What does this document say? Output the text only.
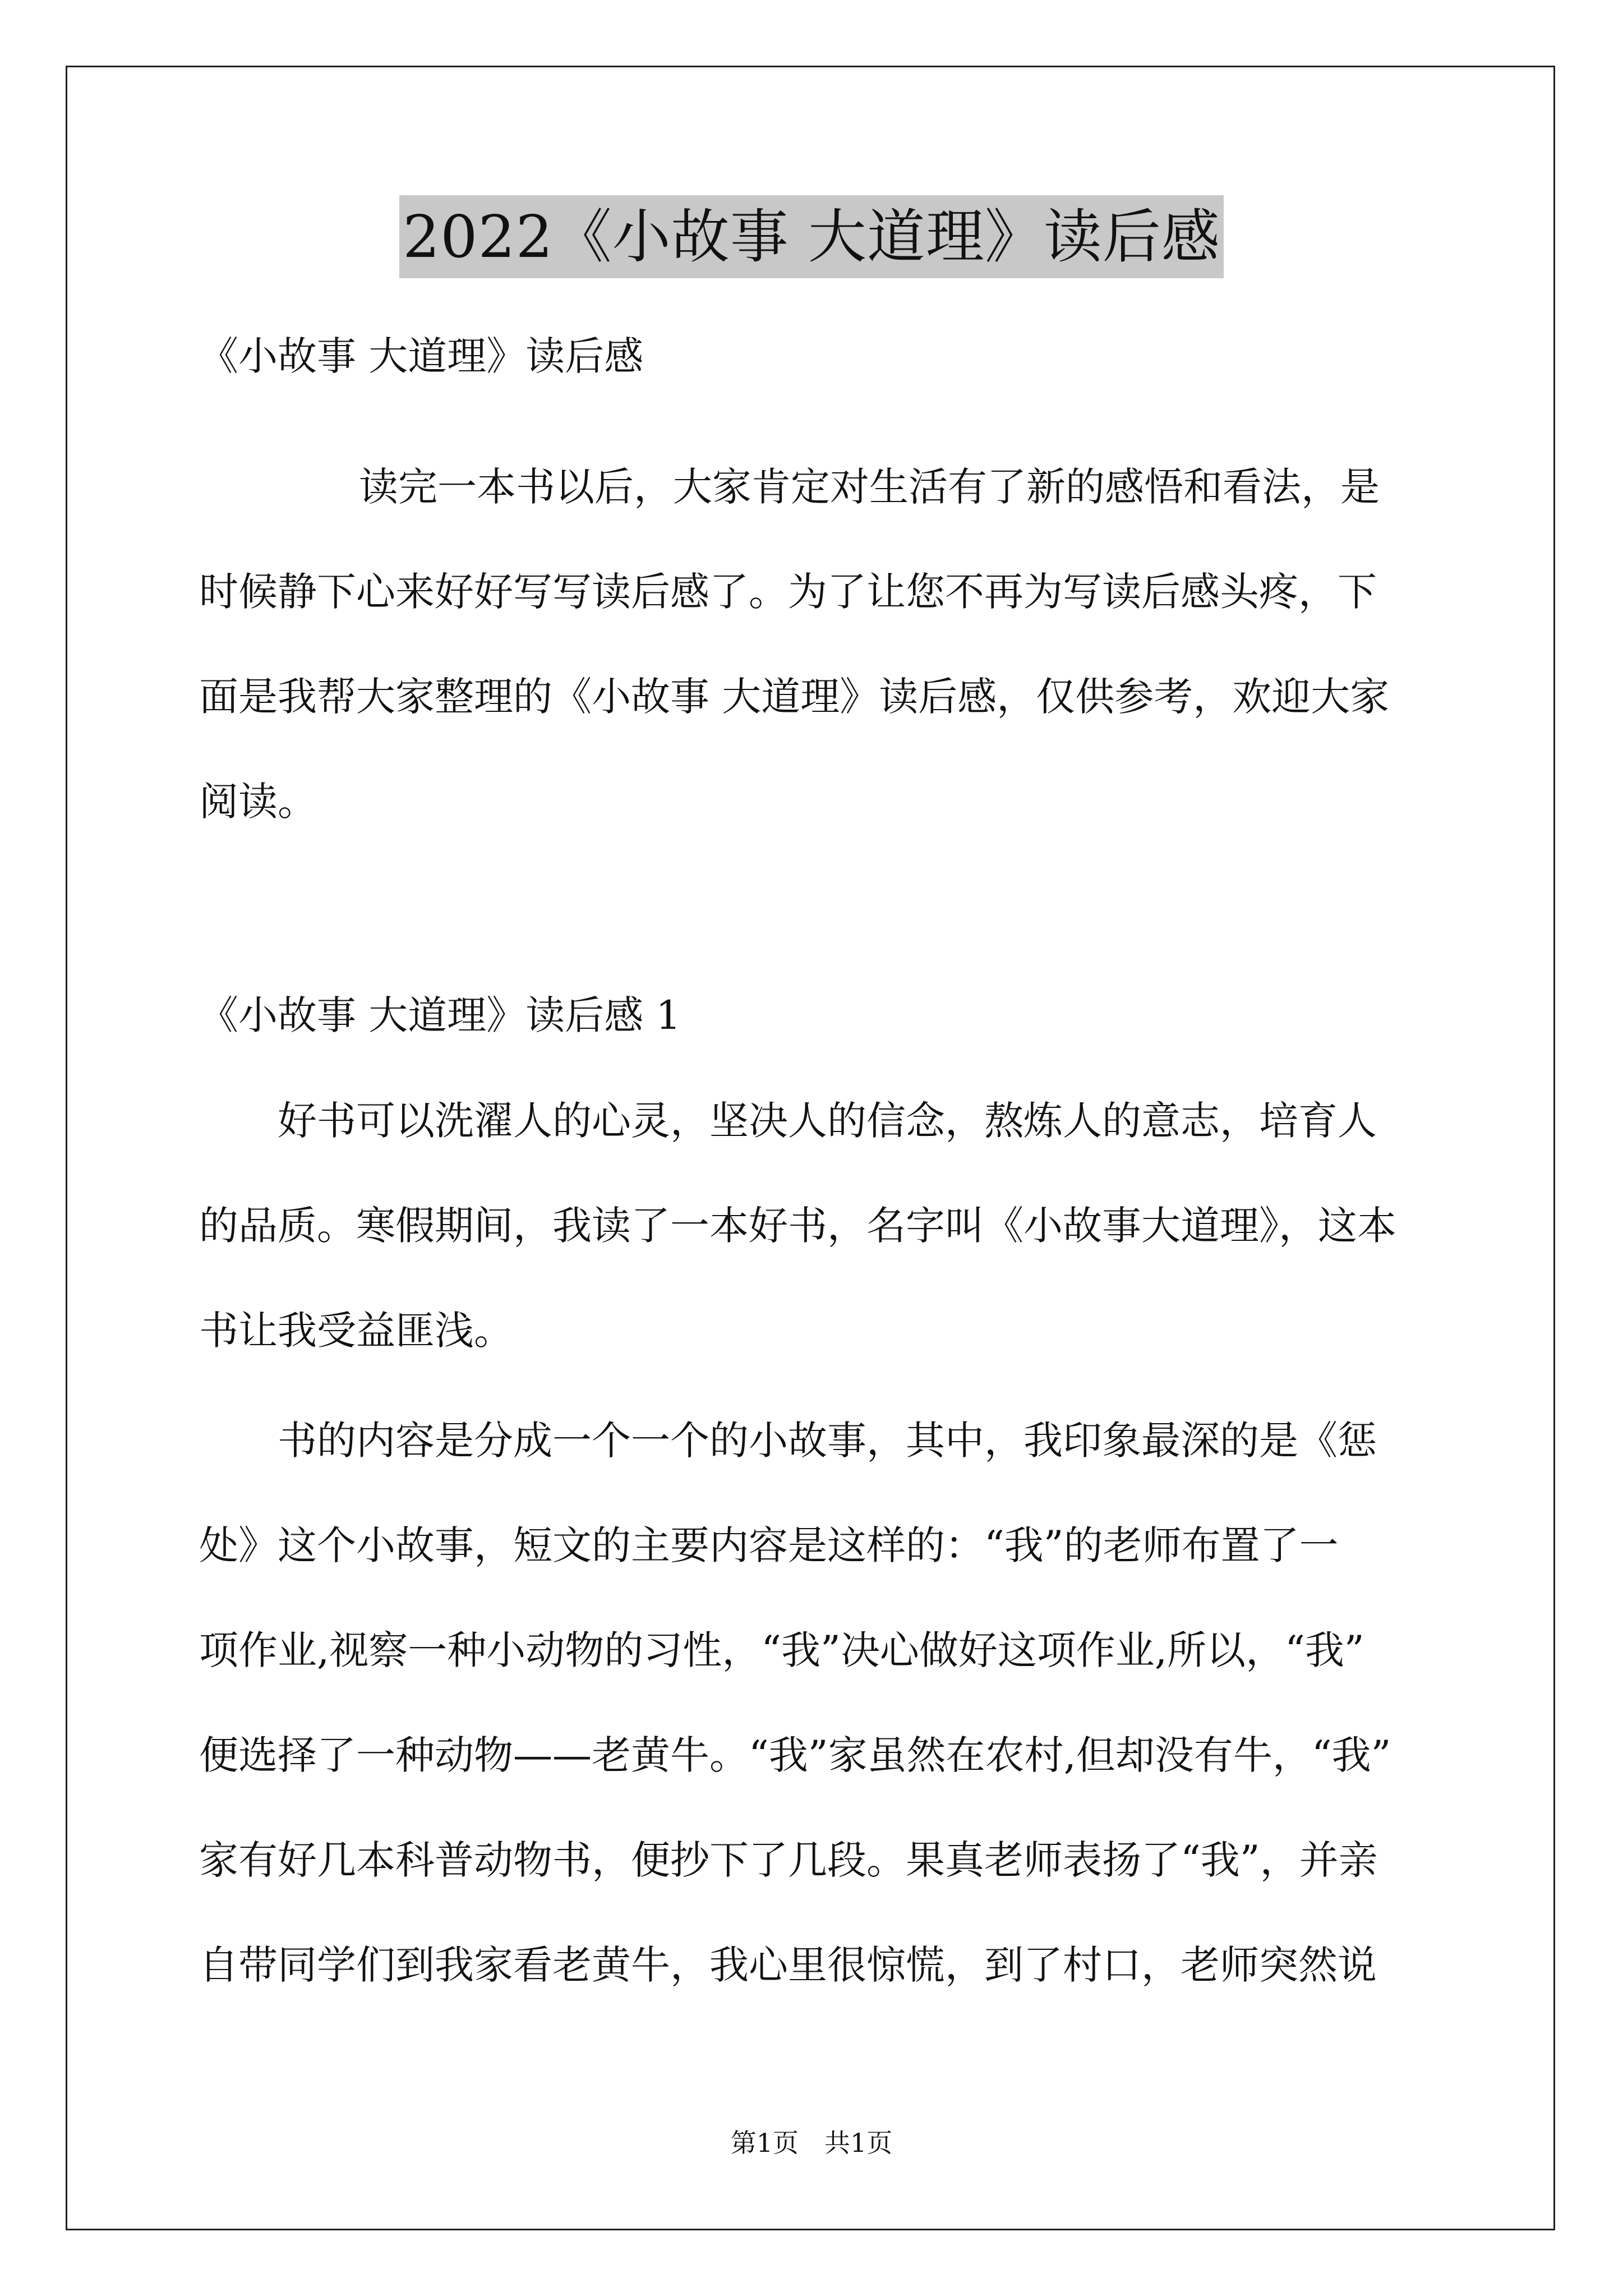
2022《小故事 大道理》读后感
《小故事 大道理》读后感
读完一本书以后，大家肯定对生活有了新的感悟和看法，是
时候静下心来好好写写读后感了。为了让您不再为写读后感头疼，下
面是我帮大家整理的《小故事 大道理》读后感，仅供参考，欢迎大家
阅读。
《小故事 大道理》读后感 1
好书可以洗濯人的心灵，坚决人的信念，熬炼人的意志，培育人
的品质。寒假期间，我读了一本好书，名字叫《小故事大道理》，这本
书让我受益匪浅。
书的内容是分成一个一个的小故事，其中，我印象最深的是《惩
处》这个小故事，短文的主要内容是这样的：“我”的老师布置了一
项作业,视察一种小动物的习性，“我”决心做好这项作业,所以，“我”
便选择了一种动物——老黄牛。“我”家虽然在农村,但却没有牛，“我”
家有好几本科普动物书，便抄下了几段。果真老师表扬了“我”，并亲
自带同学们到我家看老黄牛，我心里很惊慌，到了村口，老师突然说
第1页　共1页
